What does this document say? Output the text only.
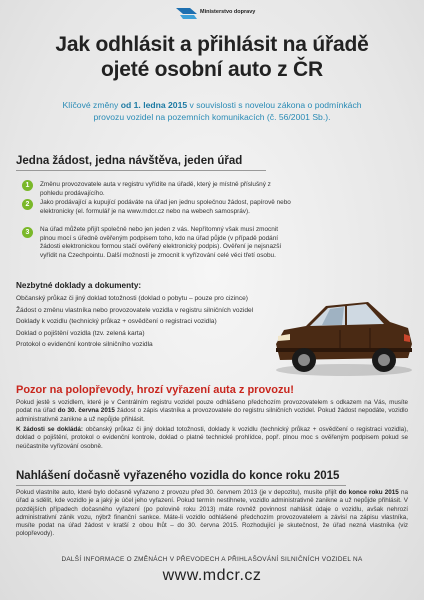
Ministerstvo dopravy
Jak odhlásit a přihlásit na úřadě
ojeté osobní auto z ČR

Klíčové změny od 1. ledna 2015 v souvislosti s novelou zákona o podmínkách provozu vozidel na pozemních komunikacích (č. 56/2001 Sb.).

Jedna žádost, jedna návštěva, jeden úřad
1	Změnu provozovatele auta v registru vyřídíte na úřadě, který je místně příslušný z pohledu prodávajícího.

2	Jako prodávající a kupující podáváte na úřad jen jednu společnou žádost, papírově nebo elektronicky (el. formulář je na www.mdcr.cz nebo na webech samospráv).

3	Na úřad můžete přijít společně nebo jen jeden z vás. Nepřítomný však musí zmocnit plnou mocí s úředně ověřeným podpisem toho, kdo na úřad půjde (v případě podání žádosti elektronickou formou stačí ověřený elektronický podpis). Ověření je nejsnazší vyřídit na Czechpointu. Další možností je zmocnit k vyřízování celé věci třetí osobu.

Nezbytné doklady a dokumenty:
Občanský průkaz či jiný doklad totožnosti (doklad o pobytu – pouze pro cizince)
Žádost o změnu vlastníka nebo provozovatele vozidla v registru silničních vozidel
Doklady k vozidlu (technický průkaz + osvědčení o registraci vozidla)
Doklad o pojištění vozidla (tzv. zelená karta)
Protokol o evidenční kontrole silničního vozidla
Pozor na polopřevody, hrozí vyřazení auta z provozu!

Pokud jestě s vozidlem, které je v Centrálním registru vozidel pouze odhlášeno předchozím provozovatelem s odkazem na Vás, musíte podat na úřad do 30. června 2015 žádost o zápis vlastníka a provozovatele do registru silničních vozidel. Pokud žádost nepodáte, vozidlo administrativně zanikne a už nepůjde přihlásit.

K žádosti se dokládá: občanský průkaz či jiný doklad totožnosti, doklady k vozidlu (technický průkaz + osvědčení o registraci vozidla), doklad o pojištění, protokol o evidenční kontrole, doklad o platné technické prohlídce, popř. plnou moc s ověřeným podpisem pokud se neúčastníte vyřizování osobně.

Nahlášení dočasně vyřazeného vozidla do konce roku 2015

Pokud vlastníte auto, které bylo dočasně vyřazeno z provozu před 30. červnem 2013 (je v depozitu), musíte přijít do konce roku 2015 na úřad a sdělit, kde vozidlo je a jaký je účel jeho vyřazení. Pokud termín nestihnete, vozidlo administrativně zanikne a už nepůjde přihlásit. V pozdějších případech dočasného vyřazení (po polovině roku 2013) máte rovněž povinnost nahlásit údaje o vozidlu, avšak nehrozí administrativní zánik vozu, nýbrž finanční sankce. Máte-li vozidlo odhlášené předchozím provozovatelem a závisí na zápisu vlastníka, musíte podat na úřad žádost v kratší z obou lhůt – do 30. června 2015. Rozhodující je skutečnost, že úřad nezná vlastníka (viz polopřevody).

DALŠÍ INFORMACE O ZMĚNÁCH V PŘEVODECH A PŘIHLAŠOVÁNÍ SILNIČNÍCH VOZIDEL NA

www.mdcr.cz
